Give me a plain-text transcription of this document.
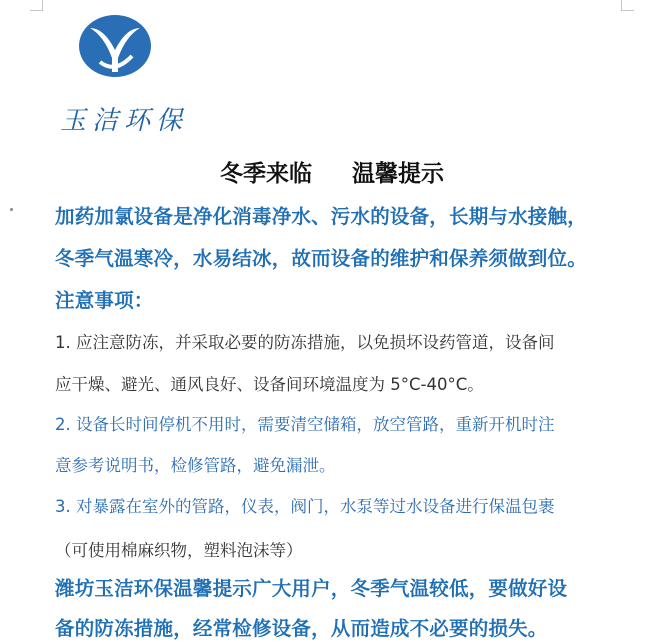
玉洁环保
冬季来临 温馨提示
加药加氯设备是净化消毒净水、污水的设备，长期与水接触，
冬季气温寒冷，水易结冰，故而设备的维护和保养须做到位。
注意事项：
1. 应注意防冻，并采取必要的防冻措施，以免损坏设药管道，设备间
应干燥、避光、通风良好、设备间环境温度为 5°C-40°C。
2. 设备长时间停机不用时，需要清空储箱，放空管路，重新开机时注
意参考说明书，检修管路，避免漏泄。
3. 对暴露在室外的管路，仪表，阀门，水泵等过水设备进行保温包裹
（可使用棉麻织物，塑料泡沫等）
潍坊玉洁环保温馨提示广大用户，冬季气温较低，要做好设
备的防冻措施，经常检修设备，从而造成不必要的损失。
